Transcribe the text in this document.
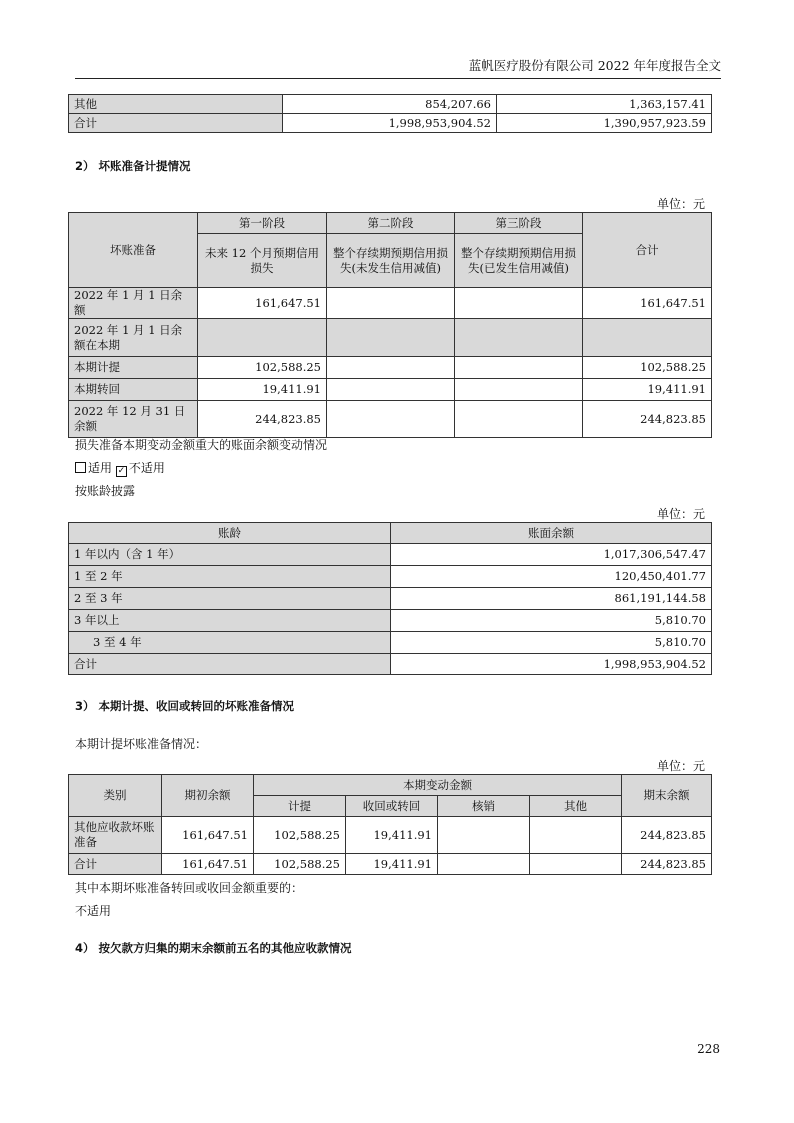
蓝帆医疗股份有限公司 2022 年年度报告全文
其他	854,207.66	1,363,157.41
合计	1,998,953,904.52	1,390,957,923.59
2） 坏账准备计提情况
单位：元
坏账准备	第一阶段	第二阶段	第三阶段	合计
	未来 12 个月预期信用损失	整个存续期预期信用损失(未发生信用减值)	整个存续期预期信用损失(已发生信用减值)	
2022 年 1 月 1 日余额	161,647.51			161,647.51
2022 年 1 月 1 日余额在本期				
本期计提	102,588.25			102,588.25
本期转回	19,411.91			19,411.91
2022 年 12 月 31 日余额	244,823.85			244,823.85
损失准备本期变动金额重大的账面余额变动情况
适用 ✓ 不适用
按账龄披露
单位：元
账龄	账面余额
1 年以内（含 1 年）	1,017,306,547.47
1 至 2 年	120,450,401.77
2 至 3 年	861,191,144.58
3 年以上	5,810.70
3 至 4 年	5,810.70
合计	1,998,953,904.52
3） 本期计提、收回或转回的坏账准备情况
本期计提坏账准备情况：
单位：元
类别	期初余额	本期变动金额				期末余额
		计提	收回或转回	核销	其他	
其他应收款坏账准备	161,647.51	102,588.25	19,411.91			244,823.85
合计	161,647.51	102,588.25	19,411.91			244,823.85
其中本期坏账准备转回或收回金额重要的：
不适用
4） 按欠款方归集的期末余额前五名的其他应收款情况
228
